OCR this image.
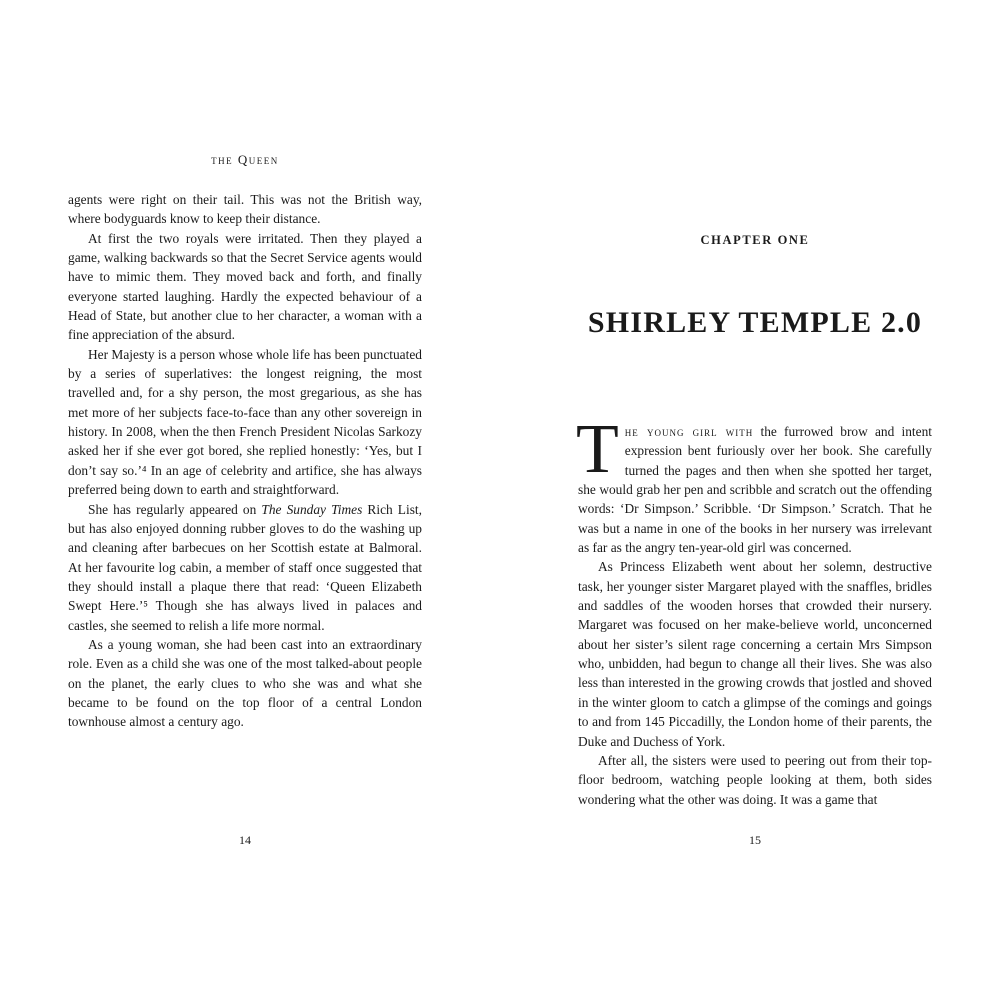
the Queen

agents were right on their tail. This was not the British way, where bodyguards know to keep their distance.

At first the two royals were irritated. Then they played a game, walking backwards so that the Secret Service agents would have to mimic them. They moved back and forth, and finally everyone started laughing. Hardly the expected behaviour of a Head of State, but another clue to her character, a woman with a fine appreciation of the absurd.

Her Majesty is a person whose whole life has been punctuated by a series of superlatives: the longest reigning, the most travelled and, for a shy person, the most gregarious, as she has met more of her subjects face-to-face than any other sovereign in history. In 2008, when the then French President Nicolas Sarkozy asked her if she ever got bored, she replied honestly: ‘Yes, but I don’t say so.’⁴ In an age of celebrity and artifice, she has always preferred being down to earth and straightforward.

She has regularly appeared on The Sunday Times Rich List, but has also enjoyed donning rubber gloves to do the washing up and cleaning after barbecues on her Scottish estate at Balmoral. At her favourite log cabin, a member of staff once suggested that they should install a plaque there that read: ‘Queen Elizabeth Swept Here.’⁵ Though she has always lived in palaces and castles, she seemed to relish a life more normal.

As a young woman, she had been cast into an extraordinary role. Even as a child she was one of the most talked-about people on the planet, the early clues to who she was and what she became to be found on the top floor of a central London townhouse almost a century ago.

14
CHAPTER ONE
SHIRLEY TEMPLE 2.0

The young girl with the furrowed brow and intent expression bent furiously over her book. She carefully turned the pages and then when she spotted her target, she would grab her pen and scribble and scratch out the offending words: ‘Dr Simpson.’ Scribble. ‘Dr Simpson.’ Scratch. That he was but a name in one of the books in her nursery was irrelevant as far as the angry ten-year-old girl was concerned.

As Princess Elizabeth went about her solemn, destructive task, her younger sister Margaret played with the snaffles, bridles and saddles of the wooden horses that crowded their nursery. Margaret was focused on her make-believe world, unconcerned about her sister’s silent rage concerning a certain Mrs Simpson who, unbidden, had begun to change all their lives. She was also less than interested in the growing crowds that jostled and shoved in the winter gloom to catch a glimpse of the comings and goings to and from 145 Piccadilly, the London home of their parents, the Duke and Duchess of York.

After all, the sisters were used to peering out from their top-floor bedroom, watching people looking at them, both sides wondering what the other was doing. It was a game that

15
